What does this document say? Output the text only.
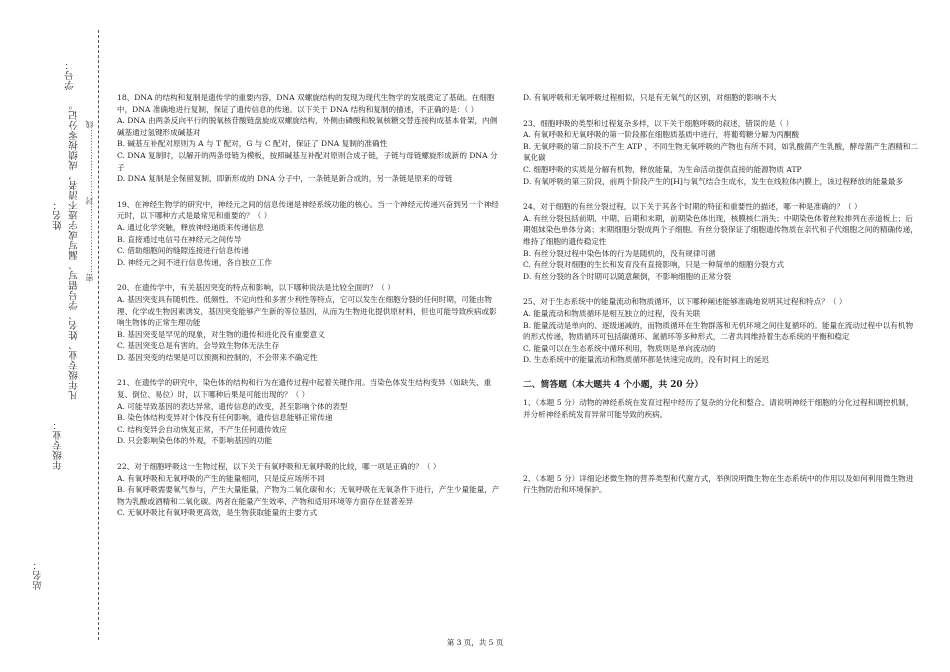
站名：
年级专业：
姓名： 凡年级专业、姓名、学号错写、漏写或字迹不清者，成绩按零分记。
学号：
密……………………封……………………线
18、DNA 的结构和复制是遗传学的重要内容，DNA 双螺旋结构的发现为现代生物学的发展奠定了基础。在细胞中，DNA 准确地进行复制，保证了遗传信息的传递。以下关于 DNA 结构和复制的描述，不正确的是：（ ）
A. DNA 由两条反向平行的脱氧核苷酸链盘旋成双螺旋结构，外侧由磷酸和脱氧核糖交替连接构成基本骨架，内侧碱基通过氢键形成碱基对
B. 碱基互补配对原则为 A 与 T 配对，G 与 C 配对，保证了 DNA 复制的准确性
C. DNA 复制时，以解开的两条母链为模板，按照碱基互补配对原则合成子链，子链与母链螺旋形成新的 DNA 分子
D. DNA 复制是全保留复制，即新形成的 DNA 分子中，一条链是新合成的，另一条链是原来的母链
19、在神经生物学的研究中，神经元之间的信息传递是神经系统功能的核心。当一个神经元传递兴奋到另一个神经元时，以下哪种方式是最常见和重要的？（ ）
A. 通过化学突触，释放神经递质来传递信息
B. 直接通过电信号在神经元之间传导
C. 借助细胞间的缝隙连接进行信息传递
D. 神经元之间不进行信息传递，各自独立工作
20、在遗传学中，有关基因突变的特点和影响，以下哪种说法是比较全面的？（ ）
A. 基因突变具有随机性、低频性、不定向性和多害少利性等特点，它可以发生在细胞分裂的任何时期，可能由物理、化学或生物因素诱发，基因突变能够产生新的等位基因，从而为生物进化提供原材料，但也可能导致疾病或影响生物体的正常生理功能
B. 基因突变是罕见的现象，对生物的遗传和进化没有重要意义
C. 基因突变总是有害的，会导致生物体无法生存
D. 基因突变的结果是可以预测和控制的，不会带来不确定性
21、在遗传学的研究中，染色体的结构和行为在遗传过程中起着关键作用。当染色体发生结构变异（如缺失、重复、倒位、易位）时，以下哪种后果是可能出现的？（ ）
A. 可能导致基因的表达异常，遗传信息的改变，甚至影响个体的表型
B. 染色体结构变异对个体没有任何影响，遗传信息能够正常传递
C. 结构变异会自动恢复正常，不产生任何遗传效应
D. 只会影响染色体的外观，不影响基因的功能
22、对于细胞呼吸这一生物过程，以下关于有氧呼吸和无氧呼吸的比较，哪一项是正确的？（ ）
A. 有氧呼吸和无氧呼吸的产生的能量相同，只是反应场所不同
B. 有氧呼吸需要氧气参与，产生大量能量，产物为二氧化碳和水；无氧呼吸在无氧条件下进行，产生少量能量，产物为乳酸或酒精和二氧化碳。两者在能量产生效率、产物和适用环境等方面存在显著差异
C. 无氧呼吸比有氧呼吸更高效，是生物获取能量的主要方式
D. 有氧呼吸和无氧呼吸过程相似，只是有无氧气的区别，对细胞的影响不大
23、细胞呼吸的类型和过程复杂多样，以下关于细胞呼吸的叙述，错误的是（ ）
A. 有氧呼吸和无氧呼吸的第一阶段都在细胞质基质中进行，将葡萄糖分解为丙酮酸
B. 无氧呼吸的第二阶段不产生 ATP ，不同生物无氧呼吸的产物也有所不同，如乳酸菌产生乳酸，酵母菌产生酒精和二氧化碳
C. 细胞呼吸的实质是分解有机物，释放能量，为生命活动提供直接的能源物质 ATP
D. 有氧呼吸的第三阶段，前两个阶段产生的[H]与氧气结合生成水，发生在线粒体内膜上，该过程释放的能量最多
24、对于细胞的有丝分裂过程，以下关于其各个时期的特征和重要性的描述，哪一种是准确的？（ ）
A. 有丝分裂包括前期、中期、后期和末期，前期染色体出现，核膜核仁消失；中期染色体着丝粒排列在赤道板上；后期姐妹染色单体分离；末期细胞分裂成两个子细胞。有丝分裂保证了细胞遗传物质在亲代和子代细胞之间的精确传递，维持了细胞的遗传稳定性
B. 有丝分裂过程中染色体的行为是随机的，没有规律可循
C. 有丝分裂对细胞的生长和发育没有直接影响，只是一种简单的细胞分裂方式
D. 有丝分裂的各个时期可以随意颠倒，不影响细胞的正常分裂
25、对于生态系统中的能量流动和物质循环，以下哪种阐述能够准确地说明其过程和特点？（ ）
A. 能量流动和物质循环是相互独立的过程，没有关联
B. 能量流动是单向的、逐级递减的，而物质循环在生物群落和无机环境之间往复循环的。能量在流动过程中以有机物的形式传递，物质循环可包括碳循环、氮循环等多种形式，二者共同维持着生态系统的平衡和稳定
C. 能量可以在生态系统中循环利用，物质则是单向流动的
D. 生态系统中的能量流动和物质循环都是快速完成的，没有时间上的延迟
二、简答题（本大题共 4 个小题，共 20 分）
1、（本题 5 分）动物的神经系统在发育过程中经历了复杂的分化和整合。请说明神经干细胞的分化过程和调控机制，并分析神经系统发育异常可能导致的疾病。
2、（本题 5 分）详细论述微生物的营养类型和代谢方式，举例说明微生物在生态系统中的作用以及如何利用微生物进行生物防治和环境保护。
第 3 页，共 5 页
